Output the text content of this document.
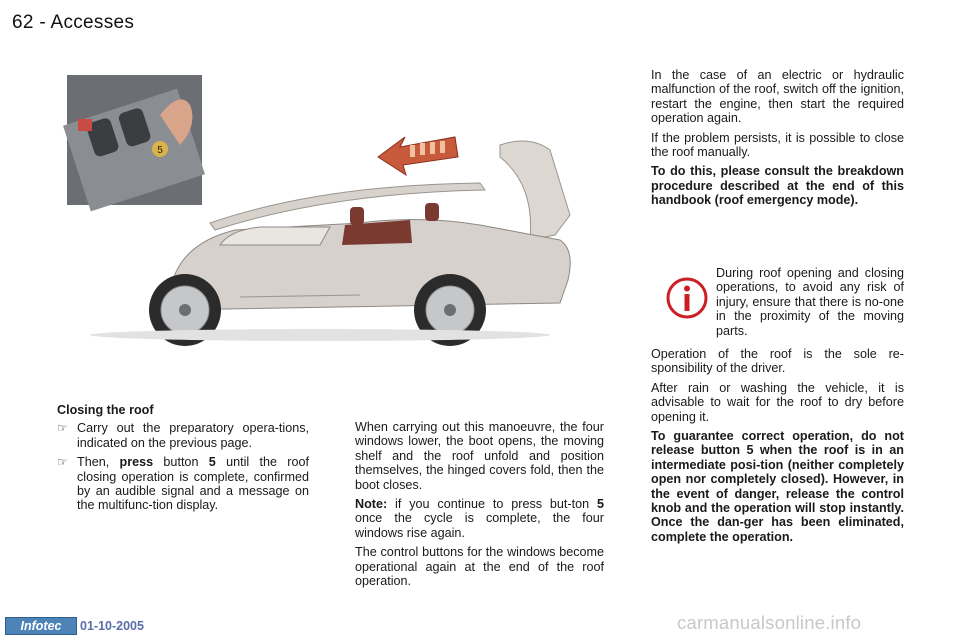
62 - Accesses
5
Closing the roof
☞ Carry out the preparatory opera-tions, indicated on the previous page.
☞ Then, press button 5 until the roof closing operation is complete, confirmed by an audible signal and a message on the multifunc-tion display.

When carrying out this manoeuvre, the four windows lower, the boot opens, the moving shelf and the roof unfold and position themselves, the hinged covers fold, then the boot closes.

Note: if you continue to press but-ton 5 once the cycle is complete, the four windows rise again.

The control buttons for the windows become operational again at the end of the roof operation.

In the case of an electric or hydraulic malfunction of the roof, switch off the ignition, restart the engine, then start the required operation again.

If the problem persists, it is possible to close the roof manually.

To do this, please consult the breakdown procedure described at the end of this handbook (roof emergency mode).

During roof opening and closing operations, to avoid any risk of injury, ensure that there is no-one in the proximity of the moving parts.

Operation of the roof is the sole re-sponsibility of the driver.

After rain or washing the vehicle, it is advisable to wait for the roof to dry before opening it.

To guarantee correct operation, do not release button 5 when the roof is in an intermediate posi-tion (neither completely open nor completely closed). However, in the event of danger, release the control knob and the operation will stop instantly. Once the dan-ger has been eliminated, complete the operation.

Infotec	01-10-2005	carmanualsonline.info
